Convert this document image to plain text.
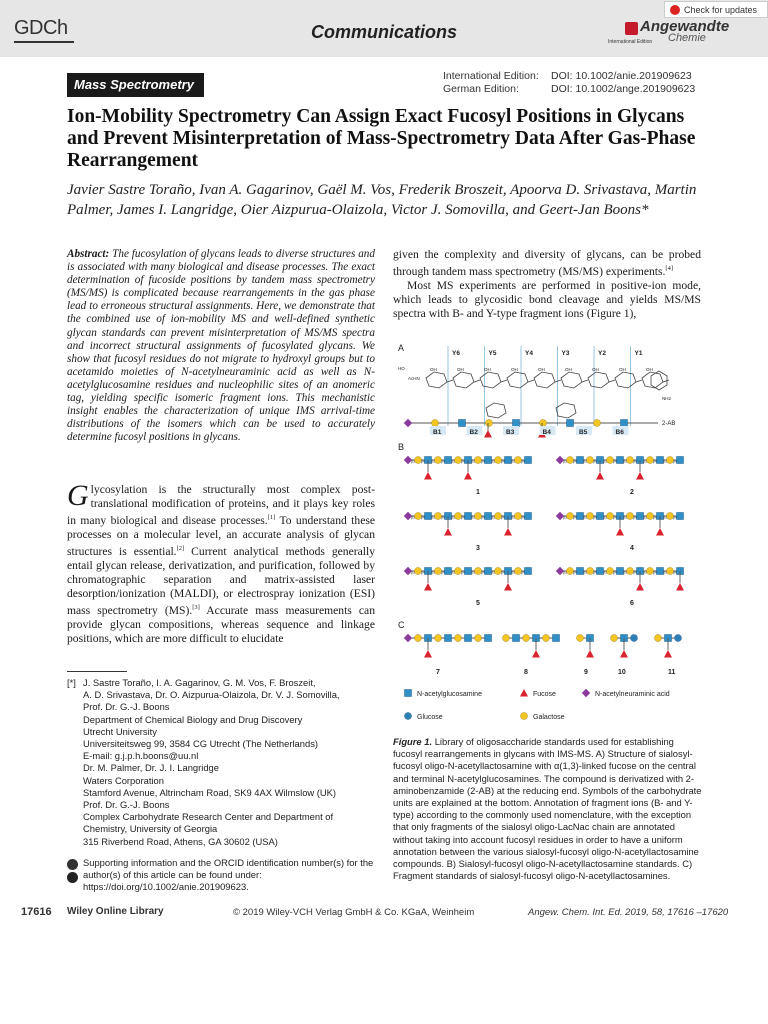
GDCh	Communications	Angewandte
International Edition Chemie
Check for updates
Mass Spectrometry
International Edition: DOI: 10.1002/anie.201909623
German Edition:	DOI: 10.1002/ange.201909623
Ion-Mobility Spectrometry Can Assign Exact Fucosyl Positions in Glycans and Prevent Misinterpretation of Mass-Spectrometry Data After Gas-Phase Rearrangement
Javier Sastre Toraño, Ivan A. Gagarinov, Gaël M. Vos, Frederik Broszeit, Apoorva D. Srivastava, Martin Palmer, James I. Langridge, Oier Aizpurua-Olaizola, Victor J. Somovilla, and Geert-Jan Boons*
Abstract: The fucosylation of glycans leads to diverse structures and is associated with many biological and disease processes. The exact determination of fucoside positions by tandem mass spectrometry (MS/MS) is complicated because rearrangements in the gas phase lead to erroneous structural assignments. Here, we demonstrate that the combined use of ion-mobility MS and well-defined synthetic glycan standards can prevent misinterpretation of MS/MS spectra and incorrect structural assignments of fucosylated glycans. We show that fucosyl residues do not migrate to hydroxyl groups but to acetamido moieties of N-acetylneuraminic acid as well as N-acetylglucosamine residues and nucleophilic sites of an anomeric tag, yielding specific isomeric fragment ions. This mechanistic insight enables the characterization of unique IMS arrival-time distributions of the isomers which can be used to accurately determine fucosyl positions in glycans.
Glycosylation is the structurally most complex post-translational modification of proteins, and it plays key roles in many biological and disease processes.[1] To understand these processes on a molecular level, an accurate analysis of glycan structures is essential.[2] Current analytical methods generally entail glycan release, derivatization, and purification, followed by chromatographic separation and matrix-assisted laser desorption/ionization (MALDI), or electrospray ionization (ESI) mass spectrometry (MS).[3] Accurate mass measurements can provide glycan compositions, whereas sequence and linkage positions, which are more difficult to elucidate
[*] J. Sastre Toraño, I. A. Gagarinov, G. M. Vos, F. Broszeit,
A. D. Srivastava, Dr. O. Aizpurua-Olaizola, Dr. V. J. Somovilla,
Prof. Dr. G.-J. Boons
Department of Chemical Biology and Drug Discovery
Utrecht University
Universiteitsweg 99, 3584 CG Utrecht (The Netherlands)
E-mail: g.j.p.h.boons@uu.nl
Dr. M. Palmer, Dr. J. I. Langridge
Waters Corporation
Stamford Avenue, Altrincham Road, SK9 4AX Wilmslow (UK)
Prof. Dr. G.-J. Boons
Complex Carbohydrate Research Center and Department of
Chemistry, University of Georgia
315 Riverbend Road, Athens, GA 30602 (USA)
Supporting information and the ORCID identification number(s) for the author(s) of this article can be found under: https://doi.org/10.1002/anie.201909623.

given the complexity and diversity of glycans, can be probed through tandem mass spectrometry (MS/MS) experiments.[4]

Most MS experiments are performed in positive-ion mode, which leads to glycosidic bond cleavage and yields MS/MS spectra with B- and Y-type fragment ions (Figure 1),

A
Y6	Y5	Y4	Y3	Y2	Y1
OH	OH	OH	OH	OH	OH	OH	OH	OH
NH2
HO
AcHN
2-AB
B1	B2	B3	B4	B5	B6
B
β3 β4 β3 β4 β3 β4 β3 β4 β3 β4 β3 β4
1
β3 β4 β3 β4 β3 β4 β3 β4 β3 β4 β3 β4
2
β3 β4 β3 β4 β3 β4 β3 β4 β3 β4 β3 β4
3
β3 β4 β3 β4 β3 β4 β3 β4 β3 β4 β3 β4
4
β3 β4 β3 β4 β3 β4 β3 β4 β3 β4 β3 β4
5
β3 β4 β3 β4 β3 β4 β3 β4 β3 β4 β3 β4
6
C
7	8	9	10	11
N-acetylglucosamine	Fucose	N-acetylneuraminic acid
Glucose	Galactose
Figure 1. Library of oligosaccharide standards used for establishing fucosyl rearrangements in glycans with IMS-MS. A) Structure of sialosyl-fucosyl oligo-N-acetyllactosamine with α(1,3)-linked fucose on the central and terminal N-acetylglucosamines. The compound is derivatized with 2-aminobenzamide (2-AB) at the reducing end. Symbols of the carbohydrate units are explained at the bottom. Annotation of fragment ions (B- and Y-type) according to the commonly used nomenclature, with the exception that only fragments of the sialosyl oligo-LacNac chain are annotated without taking into account fucosyl residues in order to have a uniform annotation between the various sialosyl-fucosyl oligo-N-acetyllactosamine compounds. B) Sialosyl-fucosyl oligo-N-acetyllactosamine standards. C) Fragment standards of sialosyl-fucosyl oligo-N-acetyllactosamines.
17616 Wiley Online Library	© 2019 Wiley-VCH Verlag GmbH & Co. KGaA, Weinheim	Angew. Chem. Int. Ed. 2019, 58, 17616 –17620
